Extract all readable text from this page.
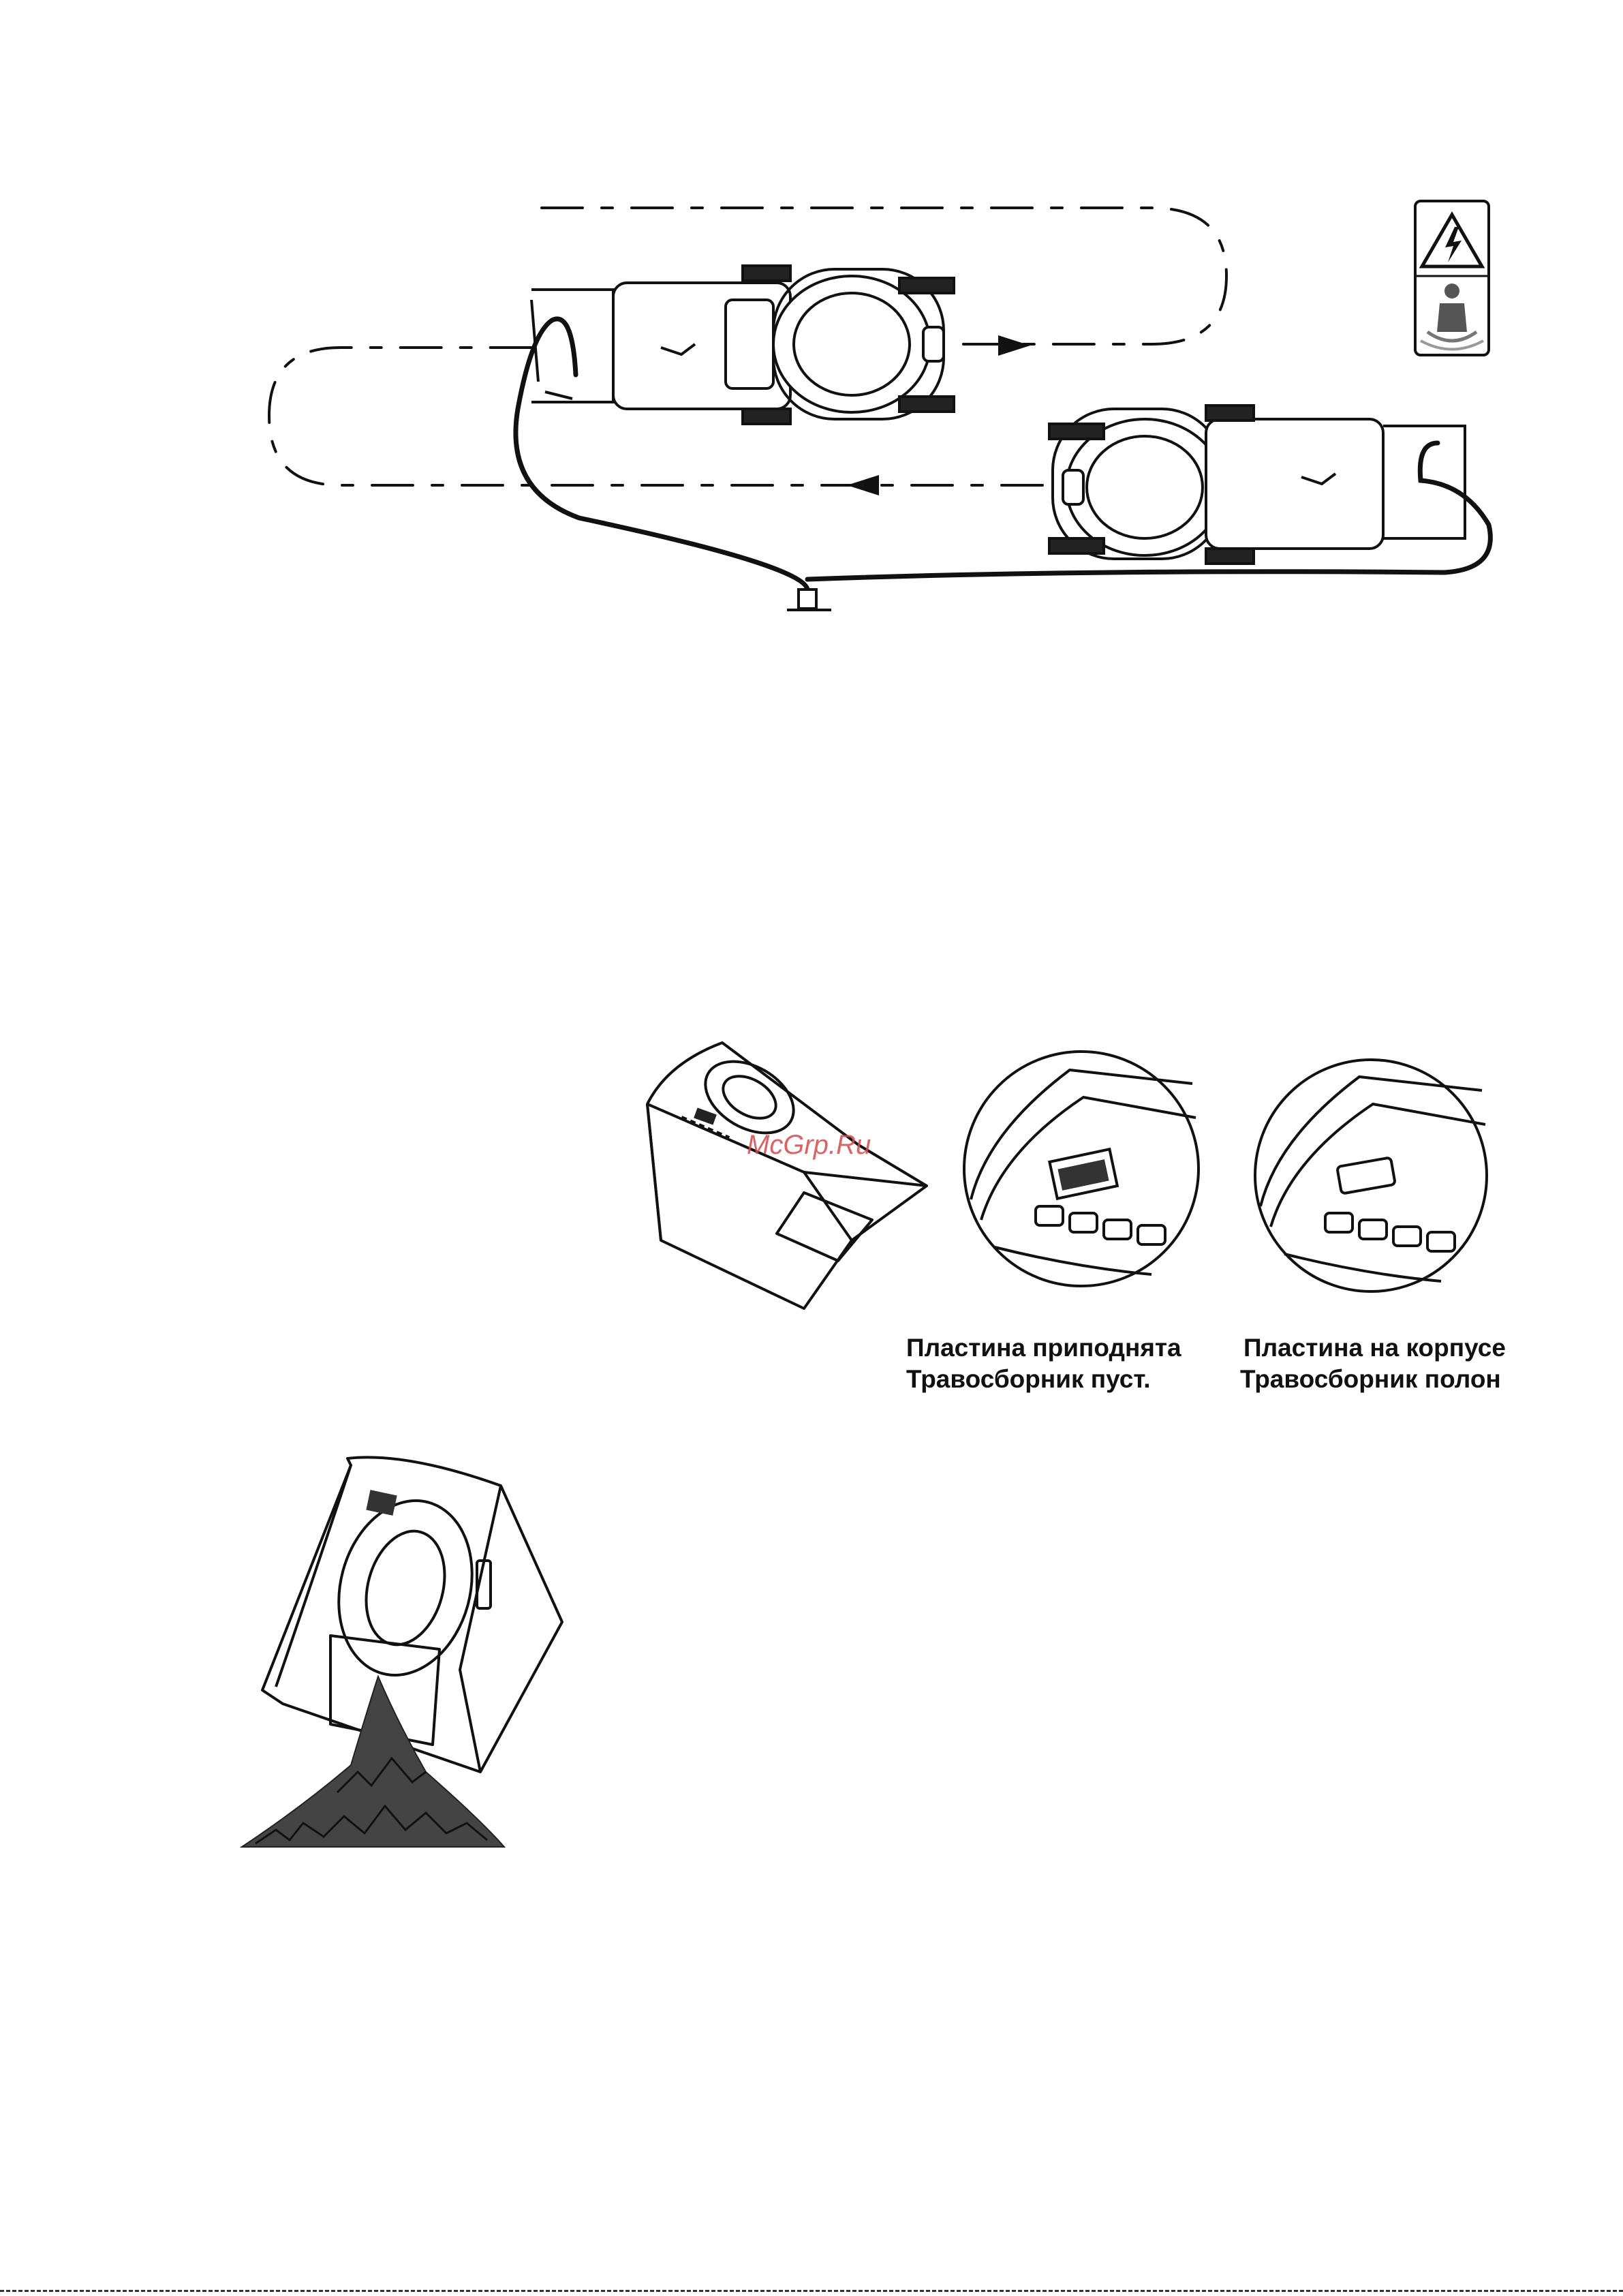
McGrp.Ru
Пластина приподнята
Травосборник пуст.
Пластина на корпусе
Травосборник полон
